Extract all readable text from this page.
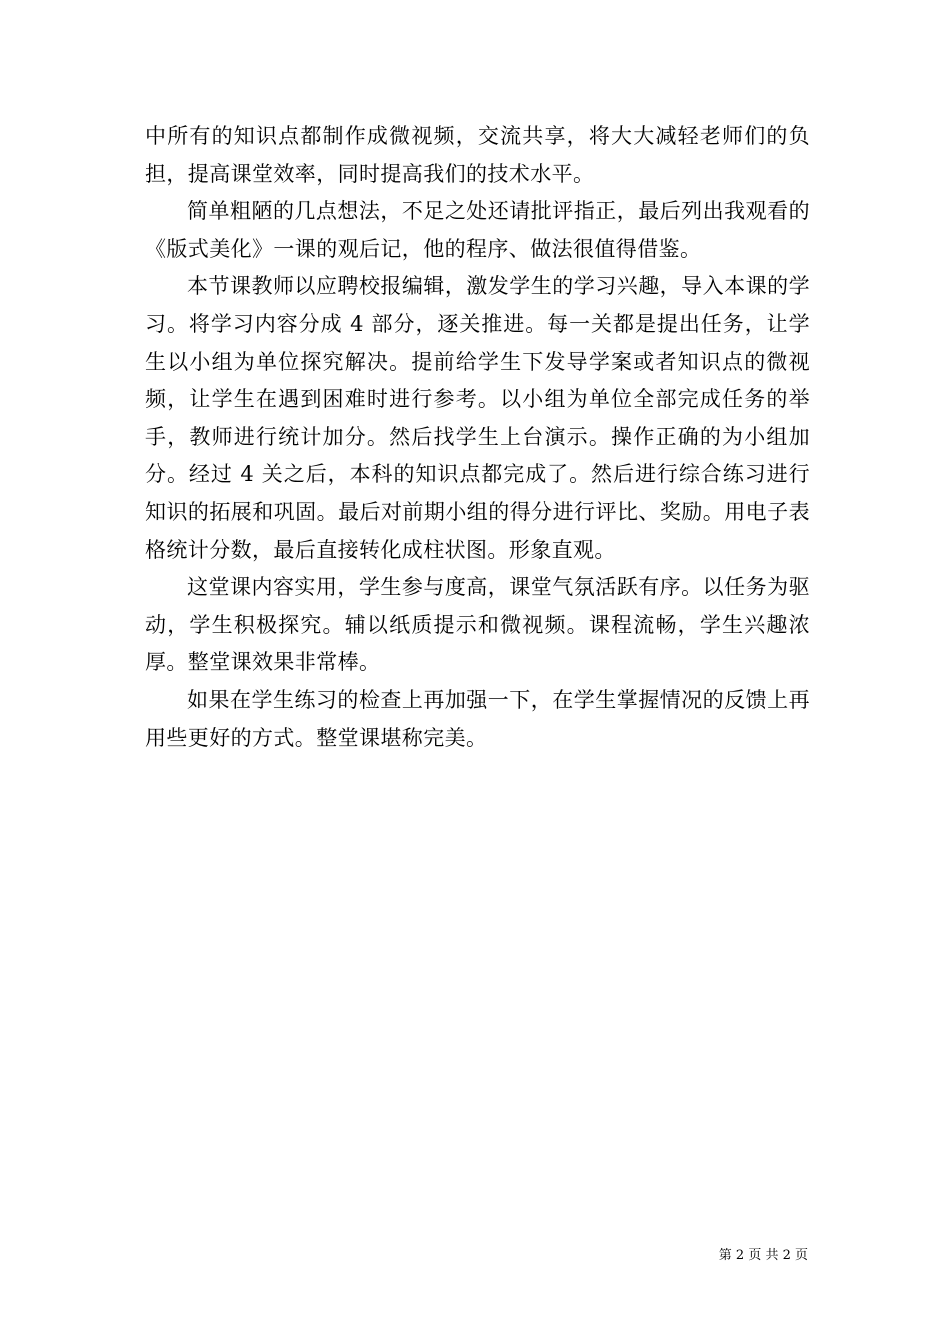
中所有的知识点都制作成微视频，交流共享，将大大减轻老师们的负担，提高课堂效率，同时提高我们的技术水平。

简单粗陋的几点想法，不足之处还请批评指正，最后列出我观看的《版式美化》一课的观后记，他的程序、做法很值得借鉴。

本节课教师以应聘校报编辑，激发学生的学习兴趣，导入本课的学习。将学习内容分成 4 部分，逐关推进。每一关都是提出任务，让学生以小组为单位探究解决。提前给学生下发导学案或者知识点的微视频，让学生在遇到困难时进行参考。以小组为单位全部完成任务的举手，教师进行统计加分。然后找学生上台演示。操作正确的为小组加分。经过 4 关之后，本科的知识点都完成了。然后进行综合练习进行知识的拓展和巩固。最后对前期小组的得分进行评比、奖励。用电子表格统计分数，最后直接转化成柱状图。形象直观。

这堂课内容实用，学生参与度高，课堂气氛活跃有序。以任务为驱动，学生积极探究。辅以纸质提示和微视频。课程流畅，学生兴趣浓厚。整堂课效果非常棒。

如果在学生练习的检查上再加强一下，在学生掌握情况的反馈上再用些更好的方式。整堂课堪称完美。

第 2 页 共 2 页
